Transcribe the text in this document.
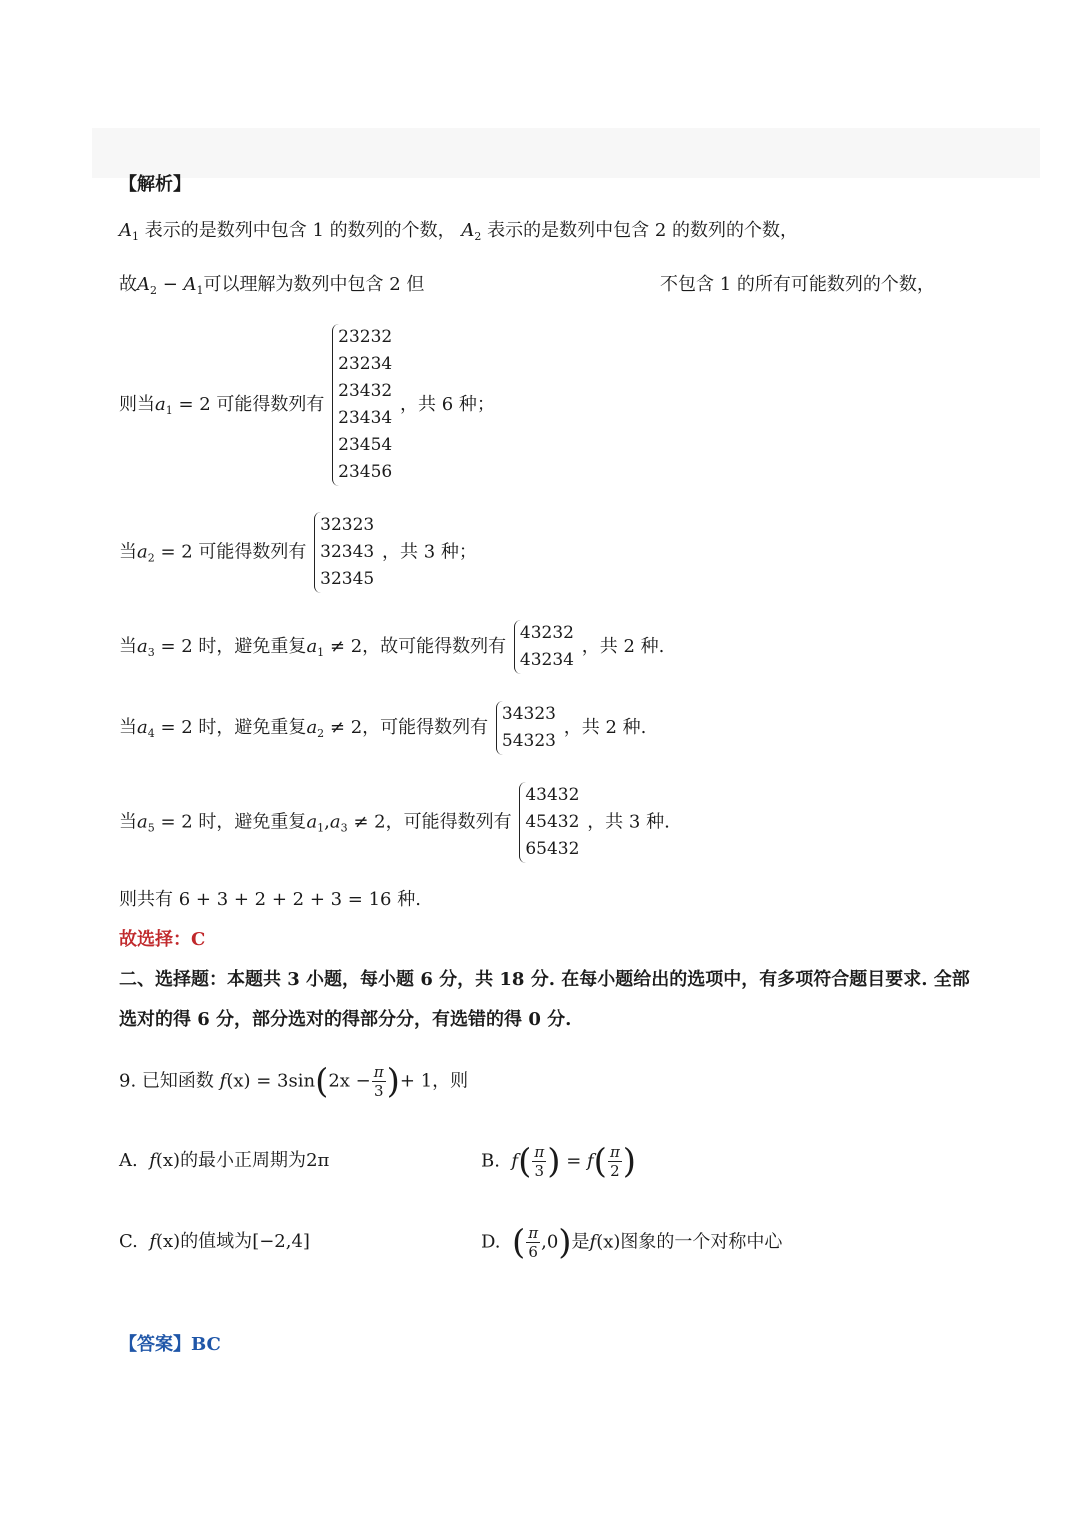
【解析】
$A_1$ 表示的是数列中包含 1 的数列的个数， $A_2$ 表示的是数列中包含 2 的数列的个数，
故$A_2 - A_1$可以理解为数列中包含 2 但	不包含 1 的所有可能数列的个数，
则当$a_1 = 2$ 可能得数列有
23232
23234
23432
23434
23454
23456
，共 6 种；
当$a_2 = 2$ 可能得数列有
32323
32343
32345
，共 3 种；
当$a_3 = 2$ 时，避免重复$a_1 \ne 2$，故可能得数列有
43232
43234
，共 2 种.
当$a_4 = 2$ 时，避免重复$a_2 \ne 2$，可能得数列有
34323
54323
，共 2 种.
当$a_5 = 2$ 时，避免重复$a_1,a_3 \ne 2$，可能得数列有
43432
45432
65432
，共 3 种.
则共有 6 + 3 + 2 + 2 + 3 = 16 种.
故选择：C
二、选择题：本题共 3 小题，每小题 6 分，共 18 分. 在每小题给出的选项中，有多项符合题目要求. 全部
选对的得 6 分，部分选对的得部分分，有选错的得 0 分.
9. 已知函数 $f(x) = 3\sin(2x - \frac{\pi}{3}$ )+ 1，则
A. f(x)的最小正周期为2π	B. $f( \frac{\pi}{3}$ ) = $f( \frac{\pi}{2}$ )
C. f(x)的值域为[−2,4]	D. ( $\frac{\pi}{6} ,0$)是f(x)图象的一个对称中心
【答案】BC
